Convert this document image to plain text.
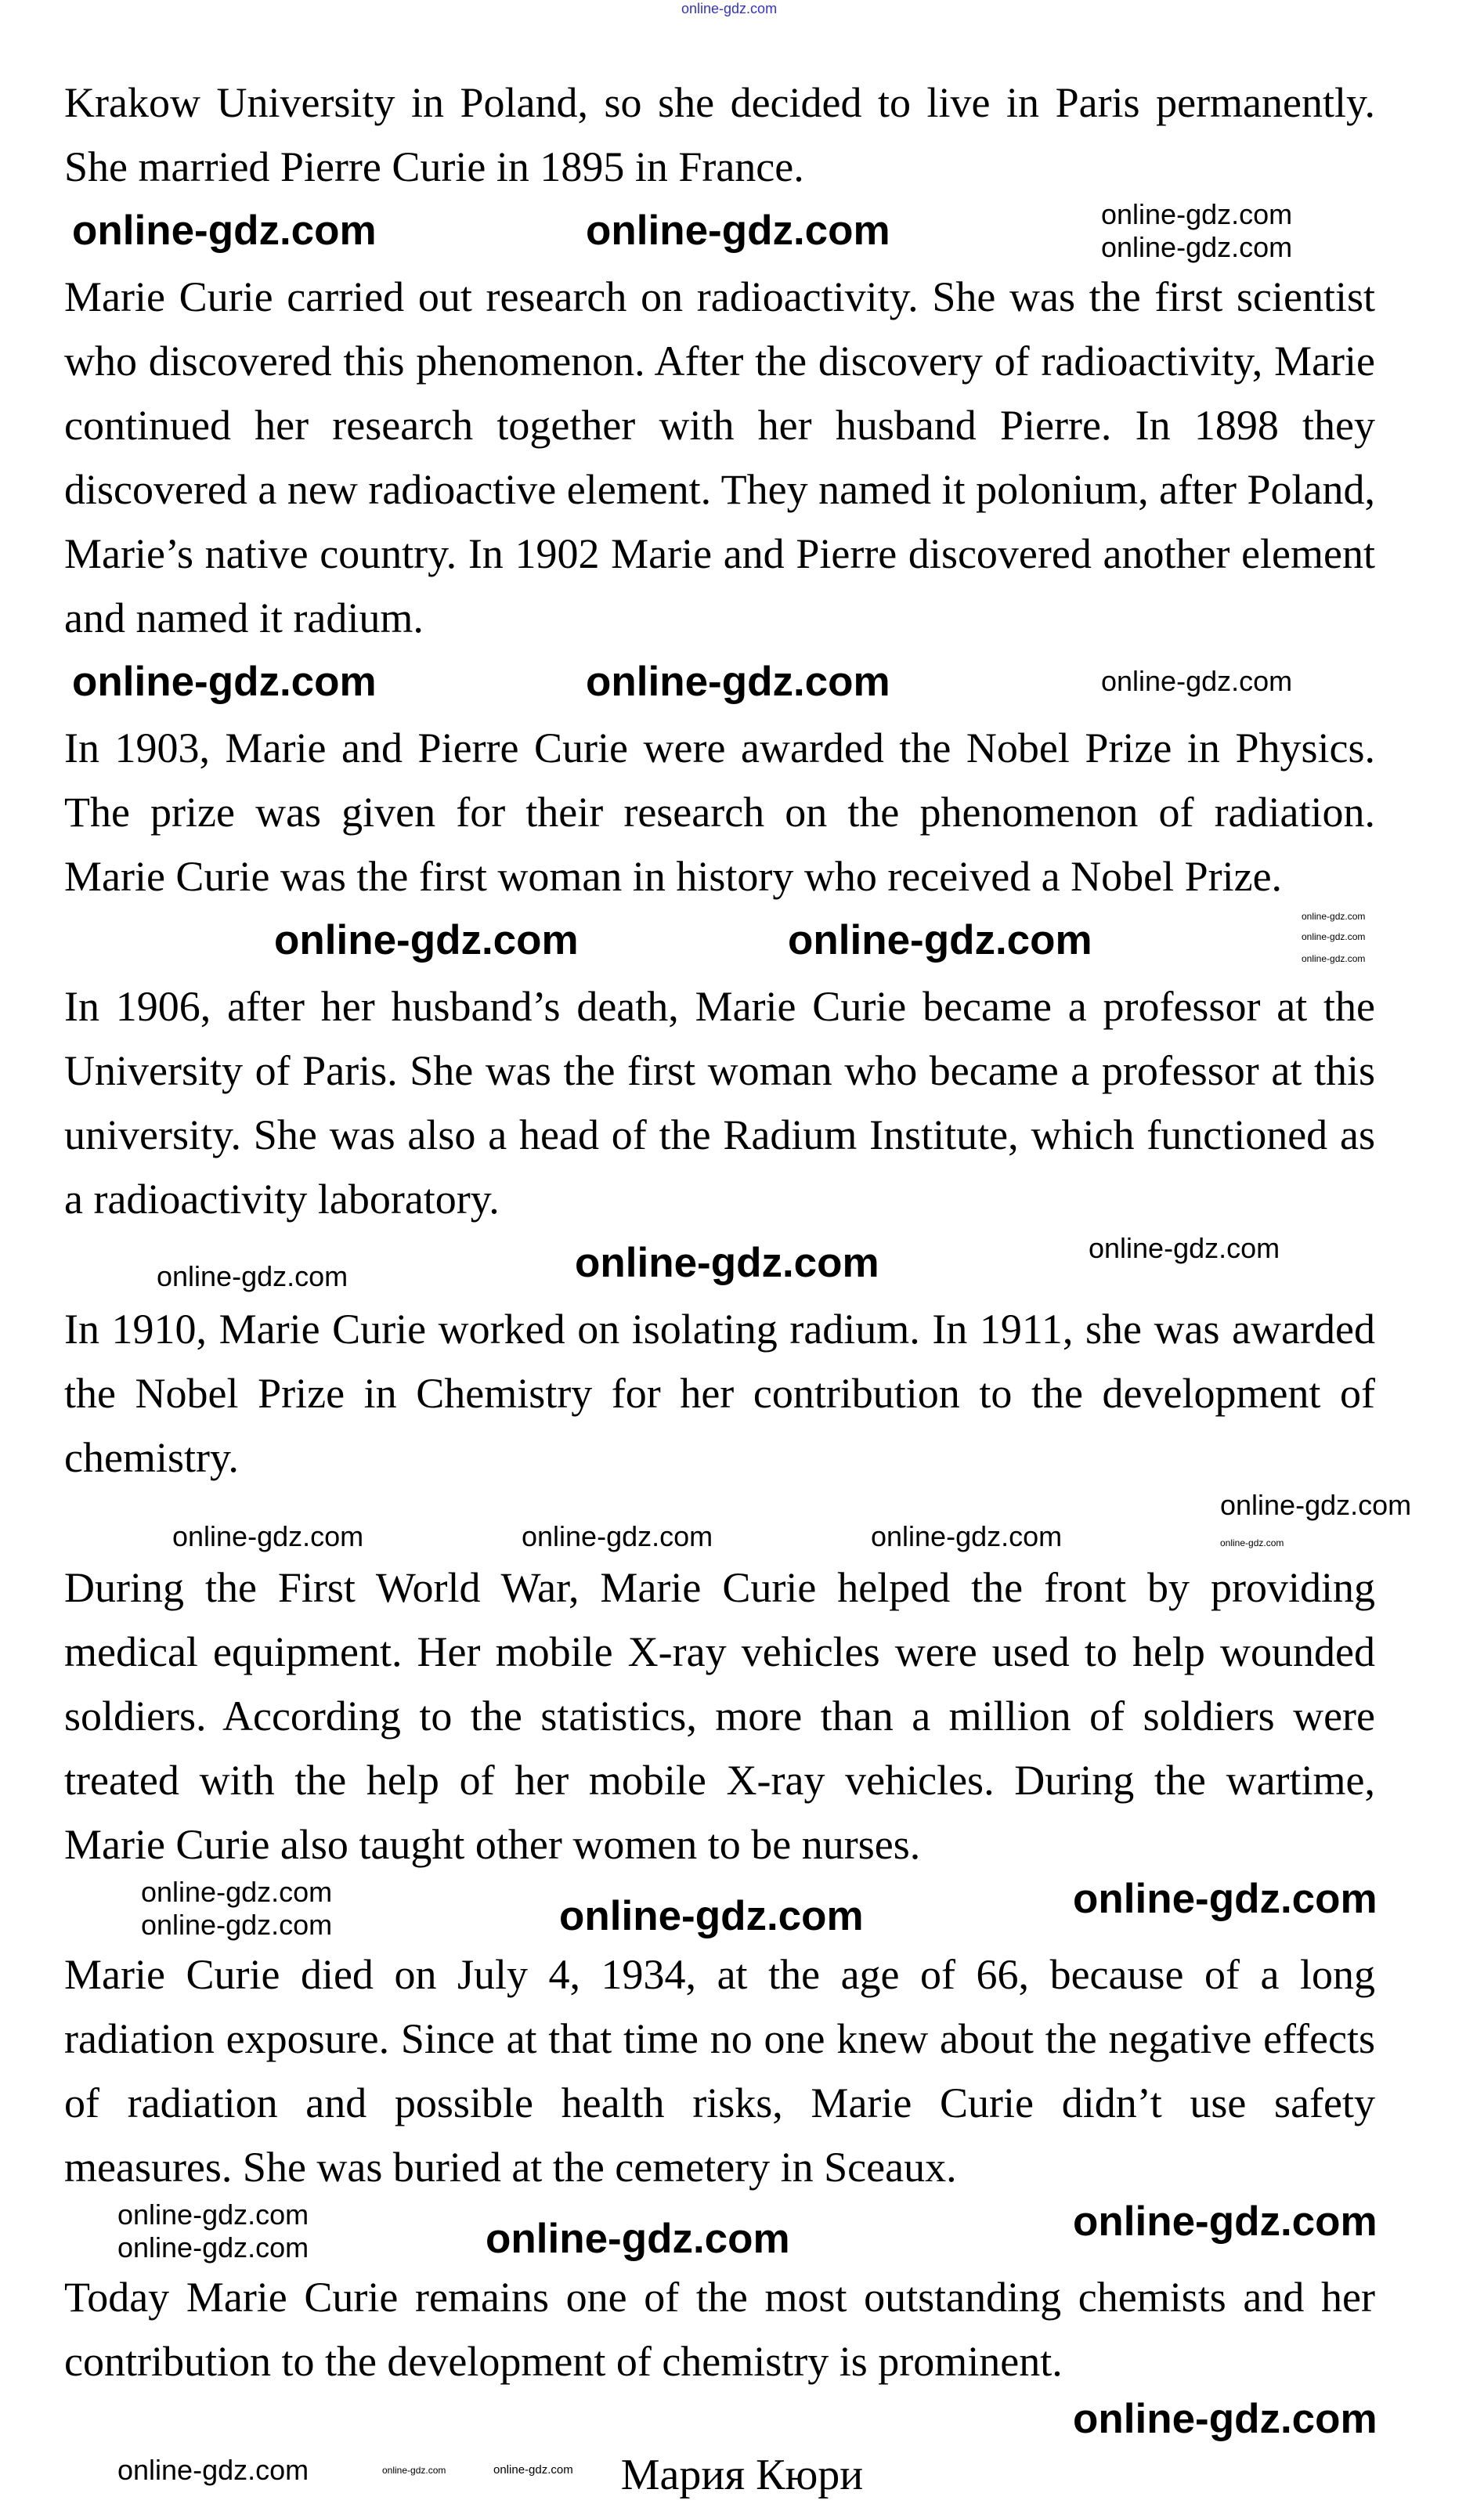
online-gdz.com

Krakow University in Poland, so she decided to live in Paris permanently. She married Pierre Curie in 1895 in France.

online-gdz.com	online-gdz.com	online-gdz.com
online-gdz.com

Marie Curie carried out research on radioactivity. She was the first scientist who discovered this phenomenon. After the discovery of radioactivity, Marie continued her research together with her husband Pierre. In 1898 they discovered a new radioactive element. They named it polonium, after Poland, Marie’s native country. In 1902 Marie and Pierre discovered another element and named it radium.

online-gdz.com	online-gdz.com	online-gdz.com

In 1903, Marie and Pierre Curie were awarded the Nobel Prize in Physics. The prize was given for their research on the phenomenon of radiation. Marie Curie was the first woman in history who received a Nobel Prize.

online-gdz.com
online-gdz.com
online-gdz.com
online-gdz.com	online-gdz.com

In 1906, after her husband’s death, Marie Curie became a professor at the University of Paris. She was the first woman who became a professor at this university. She was also a head of the Radium Institute, which functioned as a radioactivity laboratory.

online-gdz.com
online-gdz.com	online-gdz.com

In 1910, Marie Curie worked on isolating radium. In 1911, she was awarded the Nobel Prize in Chemistry for her contribution to the development of chemistry.

online-gdz.com
online-gdz.com	online-gdz.com	online-gdz.com	online-gdz.com

During the First World War, Marie Curie helped the front by providing medical equipment. Her mobile X-ray vehicles were used to help wounded soldiers. According to the statistics, more than a million of soldiers were treated with the help of her mobile X-ray vehicles. During the wartime, Marie Curie also taught other women to be nurses.

online-gdz.com	online-gdz.com
online-gdz.com
online-gdz.com

Marie Curie died on July 4, 1934, at the age of 66, because of a long radiation exposure. Since at that time no one knew about the negative effects of radiation and possible health risks, Marie Curie didn’t use safety measures. She was buried at the cemetery in Sceaux.

online-gdz.com	online-gdz.com
online-gdz.com
online-gdz.com

Today Marie Curie remains one of the most outstanding chemists and her contribution to the development of chemistry is prominent.

online-gdz.com
online-gdz.com	online-gdz.com	online-gdz.com	Мария Кюри
